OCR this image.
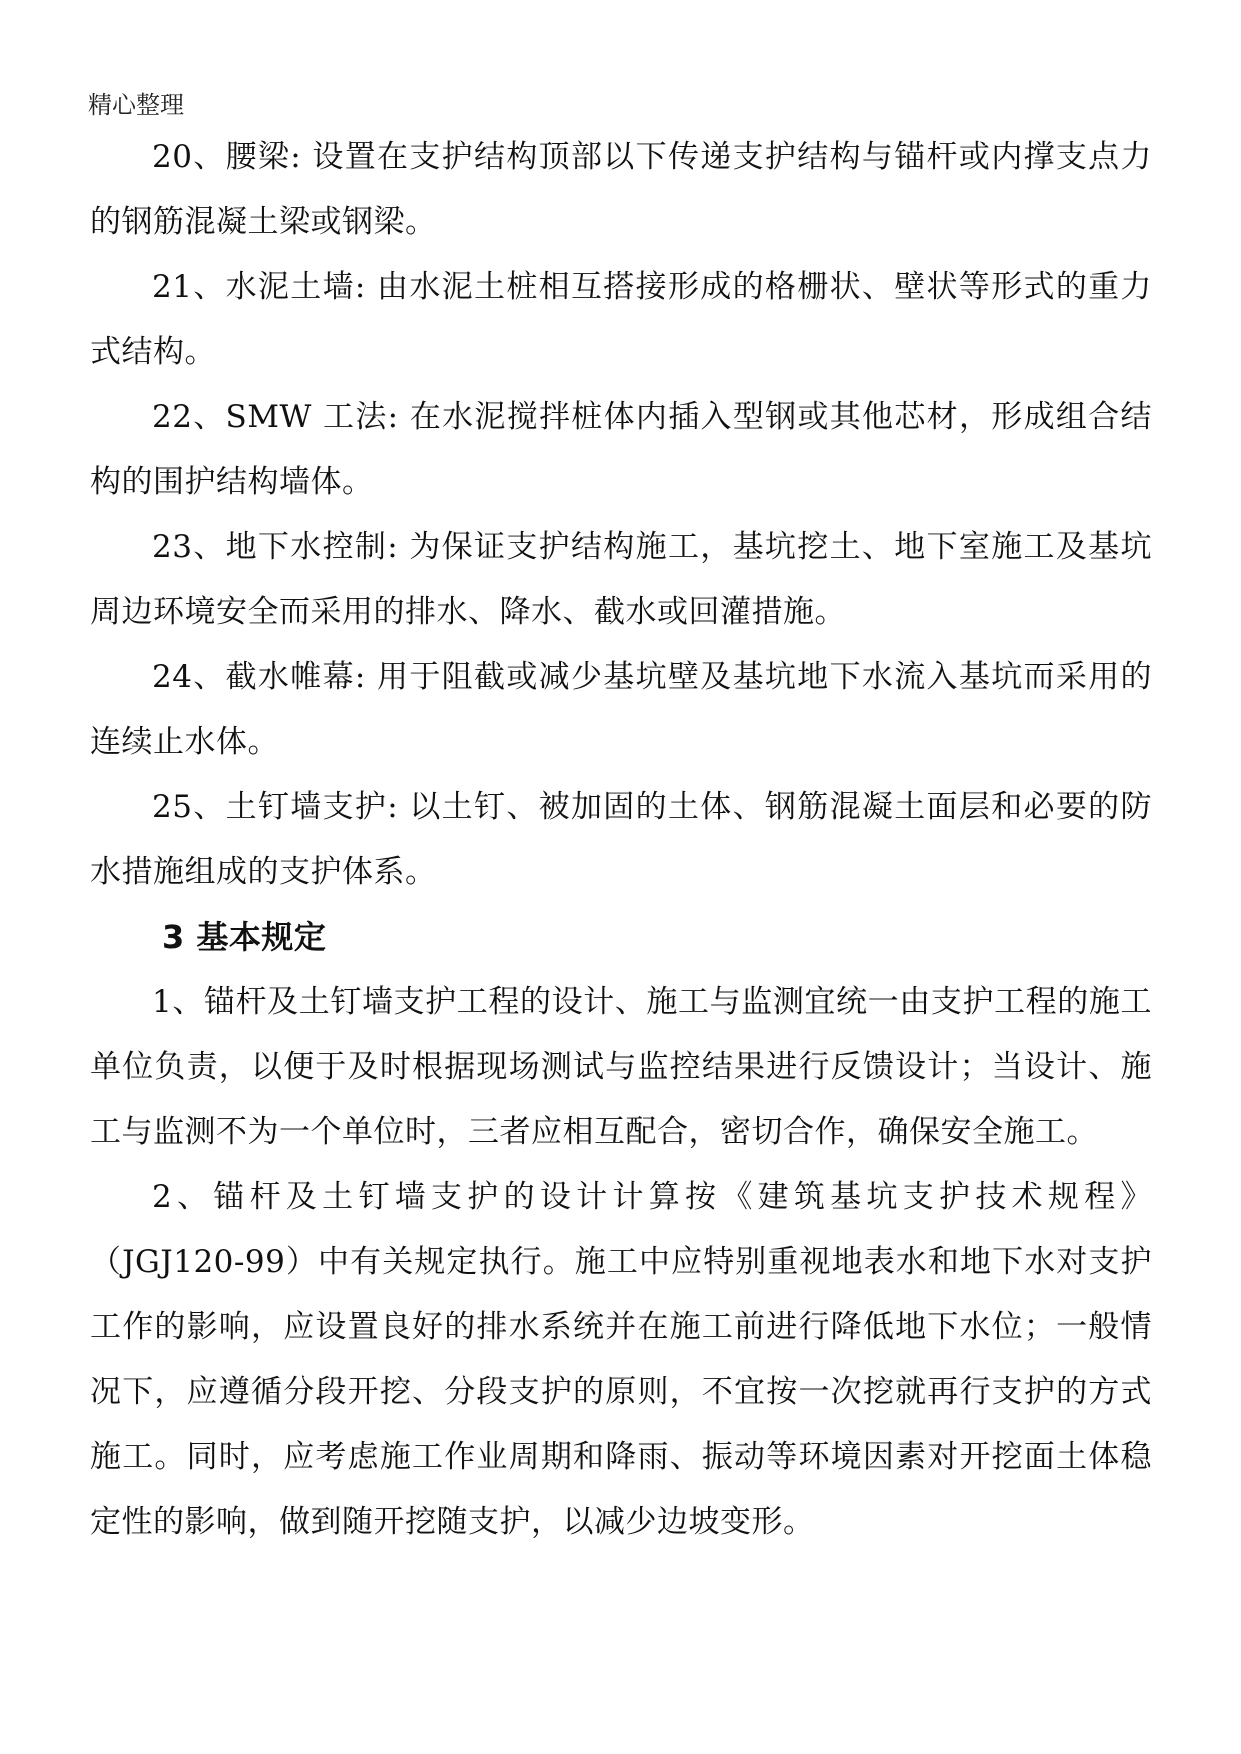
精心整理

20、腰梁: 设置在支护结构顶部以下传递支护结构与锚杆或内撑支点力的钢筋混凝土梁或钢梁。

21、水泥土墙: 由水泥土桩相互搭接形成的格栅状、壁状等形式的重力式结构。

22、SMW 工法: 在水泥搅拌桩体内插入型钢或其他芯材，形成组合结构的围护结构墙体。

23、地下水控制: 为保证支护结构施工，基坑挖土、地下室施工及基坑周边环境安全而采用的排水、降水、截水或回灌措施。

24、截水帷幕: 用于阻截或减少基坑壁及基坑地下水流入基坑而采用的连续止水体。

25、土钉墙支护: 以土钉、被加固的土体、钢筋混凝土面层和必要的防水措施组成的支护体系。

3 基本规定

1、锚杆及土钉墙支护工程的设计、施工与监测宜统一由支护工程的施工单位负责，以便于及时根据现场测试与监控结果进行反馈设计；当设计、施工与监测不为一个单位时，三者应相互配合，密切合作，确保安全施工。

2、锚杆及土钉墙支护的设计计算按《建筑基坑支护技术规程》（JGJ120-99）中有关规定执行。施工中应特别重视地表水和地下水对支护工作的影响，应设置良好的排水系统并在施工前进行降低地下水位；一般情况下，应遵循分段开挖、分段支护的原则，不宜按一次挖就再行支护的方式施工。同时，应考虑施工作业周期和降雨、振动等环境因素对开挖面土体稳定性的影响，做到随开挖随支护，以减少边坡变形。
